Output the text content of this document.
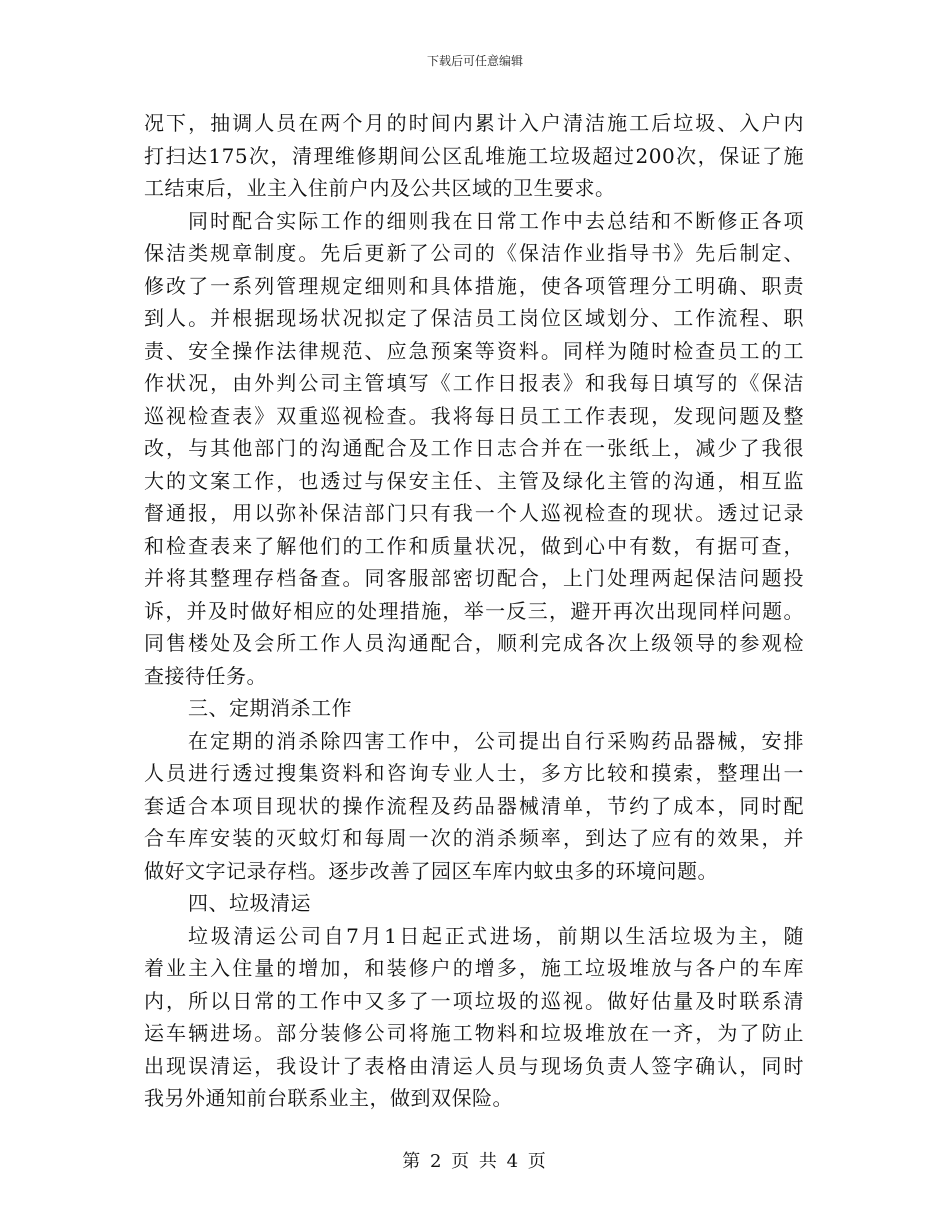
下载后可任意编辑
况下，抽调人员在两个月的时间内累计入户清洁施工后垃圾、入户内
打扫达175次，清理维修期间公区乱堆施工垃圾超过200次，保证了施
工结束后，业主入住前户内及公共区域的卫生要求。
同时配合实际工作的细则我在日常工作中去总结和不断修正各项
保洁类规章制度。先后更新了公司的《保洁作业指导书》先后制定、
修改了一系列管理规定细则和具体措施，使各项管理分工明确、职责
到人。并根据现场状况拟定了保洁员工岗位区域划分、工作流程、职
责、安全操作法律规范、应急预案等资料。同样为随时检查员工的工
作状况，由外判公司主管填写《工作日报表》和我每日填写的《保洁
巡视检查表》双重巡视检查。我将每日员工工作表现，发现问题及整
改，与其他部门的沟通配合及工作日志合并在一张纸上，减少了我很
大的文案工作，也透过与保安主任、主管及绿化主管的沟通，相互监
督通报，用以弥补保洁部门只有我一个人巡视检查的现状。透过记录
和检查表来了解他们的工作和质量状况，做到心中有数，有据可查，
并将其整理存档备查。同客服部密切配合，上门处理两起保洁问题投
诉，并及时做好相应的处理措施，举一反三，避开再次出现同样问题。
同售楼处及会所工作人员沟通配合，顺利完成各次上级领导的参观检
查接待任务。
三、定期消杀工作
在定期的消杀除四害工作中，公司提出自行采购药品器械，安排
人员进行透过搜集资料和咨询专业人士，多方比较和摸索，整理出一
套适合本项目现状的操作流程及药品器械清单，节约了成本，同时配
合车库安装的灭蚊灯和每周一次的消杀频率，到达了应有的效果，并
做好文字记录存档。逐步改善了园区车库内蚊虫多的环境问题。
四、垃圾清运
垃圾清运公司自7月1日起正式进场，前期以生活垃圾为主，随
着业主入住量的增加，和装修户的增多，施工垃圾堆放与各户的车库
内，所以日常的工作中又多了一项垃圾的巡视。做好估量及时联系清
运车辆进场。部分装修公司将施工物料和垃圾堆放在一齐，为了防止
出现误清运，我设计了表格由清运人员与现场负责人签字确认，同时
我另外通知前台联系业主，做到双保险。
第 2 页 共 4 页
